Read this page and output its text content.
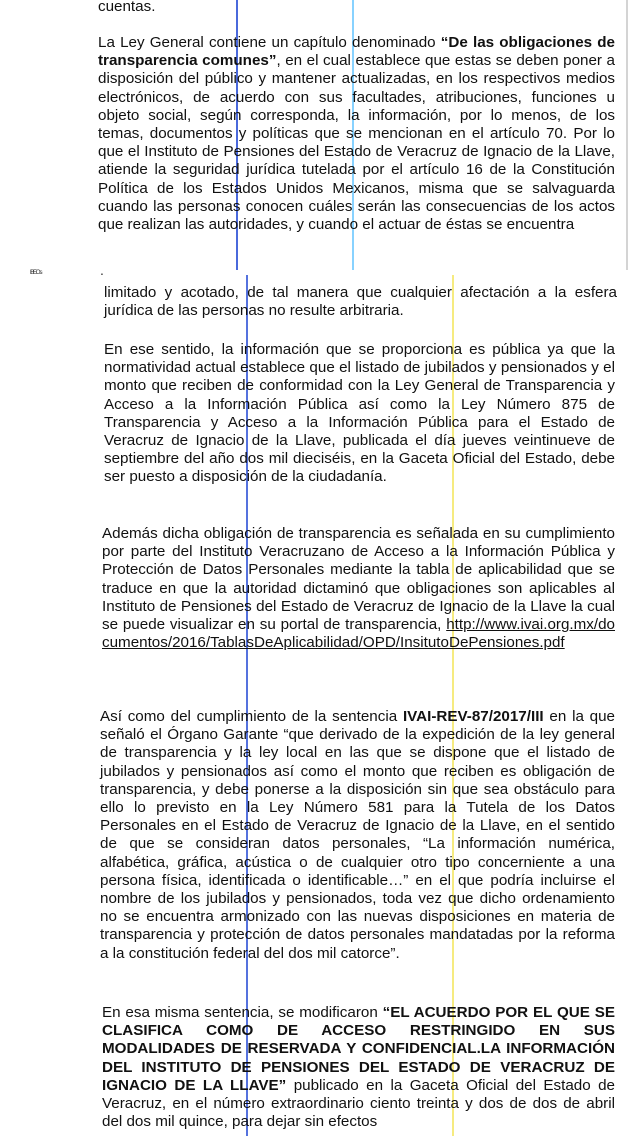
cuentas.

La Ley General contiene un capítulo denominado “De las obligaciones de transparencia comunes”, en el cual establece que estas se deben poner a disposición del público y mantener actualizadas, en los respectivos medios electrónicos, de acuerdo con sus facultades, atribuciones, funciones u objeto social, según corresponda, la información, por lo menos, de los temas, documentos y políticas que se mencionan en el artículo 70. Por lo que el Instituto de Pensiones del Estado de Veracruz de Ignacio de la Llave, atiende la seguridad jurídica tutelada por el artículo 16 de la Constitución Política de los Estados Unidos Mexicanos, misma que se salvaguarda cuando las personas conocen cuáles serán las consecuencias de los actos que realizan las autoridades, y cuando el actuar de éstas se encuentra

ᴵᴮᴱᴼˢ	.

limitado y acotado, de tal manera que cualquier afectación a la esfera jurídica de las personas no resulte arbitraria.

En ese sentido, la información que se proporciona es pública ya que la normatividad actual establece que el listado de jubilados y pensionados y el monto que reciben de conformidad con la Ley General de Transparencia y Acceso a la Información Pública así como la Ley Número 875 de Transparencia y Acceso a la Información Pública para el Estado de Veracruz de Ignacio de la Llave, publicada el día jueves veintinueve de septiembre del año dos mil dieciséis, en la Gaceta Oficial del Estado, debe ser puesto a disposición de la ciudadanía.

Además dicha obligación de transparencia es señalada en su cumplimiento por parte del Instituto Veracruzano de Acceso a la Información Pública y Protección de Datos Personales mediante la tabla de aplicabilidad que se traduce en que la autoridad dictaminó que obligaciones son aplicables al Instituto de Pensiones del Estado de Veracruz de Ignacio de la Llave la cual se puede visualizar en su portal de transparencia, http://www.ivai.org.mx/documentos/2016/TablasDeAplicabilidad/OPD/InsitutoDePensiones.pdf

Así como del cumplimiento de la sentencia IVAI-REV-87/2017/III en la que señaló el Órgano Garante “que derivado de la expedición de la ley general de transparencia y la ley local en las que se dispone que el listado de jubilados y pensionados así como el monto que reciben es obligación de transparencia, y debe ponerse a la disposición sin que sea obstáculo para ello lo previsto en la Ley Número 581 para la Tutela de los Datos Personales en el Estado de Veracruz de Ignacio de la Llave, en el sentido de que se consideran datos personales, “La información numérica, alfabética, gráfica, acústica o de cualquier otro tipo concerniente a una persona física, identificada o identificable…” en el que podría incluirse el nombre de los jubilados y pensionados, toda vez que dicho ordenamiento no se encuentra armonizado con las nuevas disposiciones en materia de transparencia y protección de datos personales mandatadas por la reforma a la constitución federal del dos mil catorce”.

En esa misma sentencia, se modificaron “EL ACUERDO POR EL QUE SE CLASIFICA COMO DE ACCESO RESTRINGIDO EN SUS MODALIDADES DE RESERVADA Y CONFIDENCIAL.LA INFORMACIÓN DEL INSTITUTO DE PENSIONES DEL ESTADO DE VERACRUZ DE IGNACIO DE LA LLAVE” publicado en la Gaceta Oficial del Estado de Veracruz, en el número extraordinario ciento treinta y dos de dos de abril del dos mil quince, para dejar sin efectos
